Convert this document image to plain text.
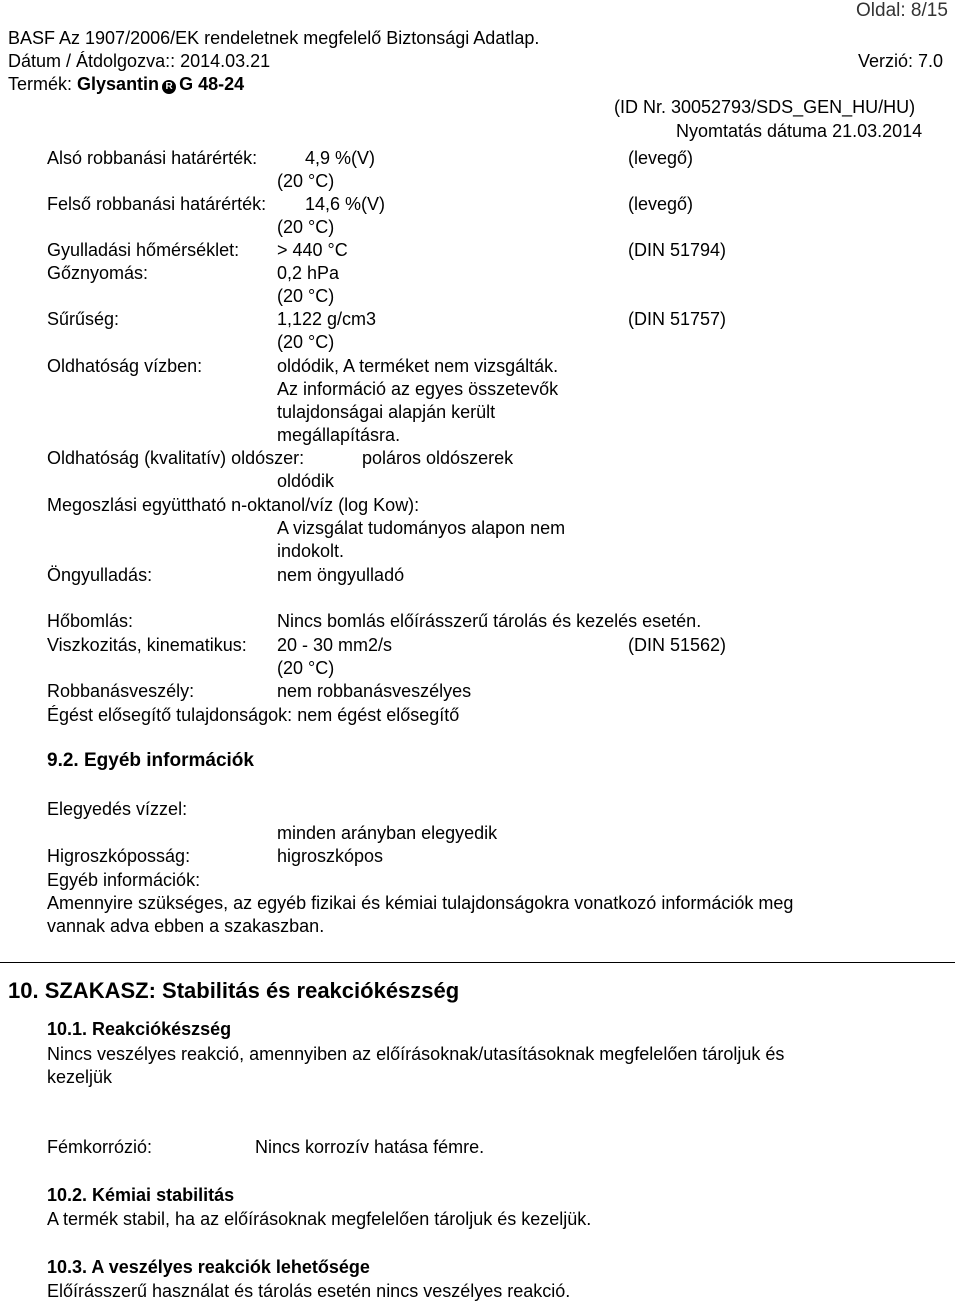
Oldal: 8/15
BASF Az 1907/2006/EK rendeletnek megfelelő Biztonsági Adatlap.
Dátum / Átdolgozva:: 2014.03.21	Verzió: 7.0
Termék: Glysantin R G 48-24
(ID Nr. 30052793/SDS_GEN_HU/HU)
Nyomtatás dátuma 21.03.2014
Alsó robbanási határérték:	4,9 %(V)	(levegő)
(20 °C)
Felső robbanási határérték: 14,6 %(V)	(levegő)
(20 °C)
Gyulladási hőmérséklet: > 440 °C	(DIN 51794)
Gőznyomás:	0,2 hPa
(20 °C)
Sűrűség:	1,122 g/cm3	(DIN 51757)
(20 °C)
Oldhatóság vízben:	oldódik, A terméket nem vizsgálták.
Az információ az egyes összetevők
tulajdonságai alapján került
megállapításra.
Oldhatóság (kvalitatív) oldószer:	poláros oldószerek
oldódik
Megoszlási együttható n-oktanol/víz (log Kow):
A vizsgálat tudományos alapon nem
indokolt.
Öngyulladás:	nem öngyulladó
Hőbomlás:	Nincs bomlás előírásszerű tárolás és kezelés esetén.
Viszkozitás, kinematikus: 20 - 30 mm2/s	(DIN 51562)
(20 °C)
Robbanásveszély:	nem robbanásveszélyes
Égést elősegítő tulajdonságok: nem égést elősegítő
9.2. Egyéb információk
Elegyedés vízzel:
minden arányban elegyedik
Higroszkóposság:	higroszkópos
Egyéb információk:
Amennyire szükséges, az egyéb fizikai és kémiai tulajdonságokra vonatkozó információk meg
vannak adva ebben a szakaszban.
10. SZAKASZ: Stabilitás és reakciókészség
10.1. Reakciókészség
Nincs veszélyes reakció, amennyiben az előírásoknak/utasításoknak megfelelően tároljuk és
kezeljük
Fémkorrózió:	Nincs korrozív hatása fémre.
10.2. Kémiai stabilitás
A termék stabil, ha az előírásoknak megfelelően tároljuk és kezeljük.
10.3. A veszélyes reakciók lehetősége
Előírásszerű használat és tárolás esetén nincs veszélyes reakció.
